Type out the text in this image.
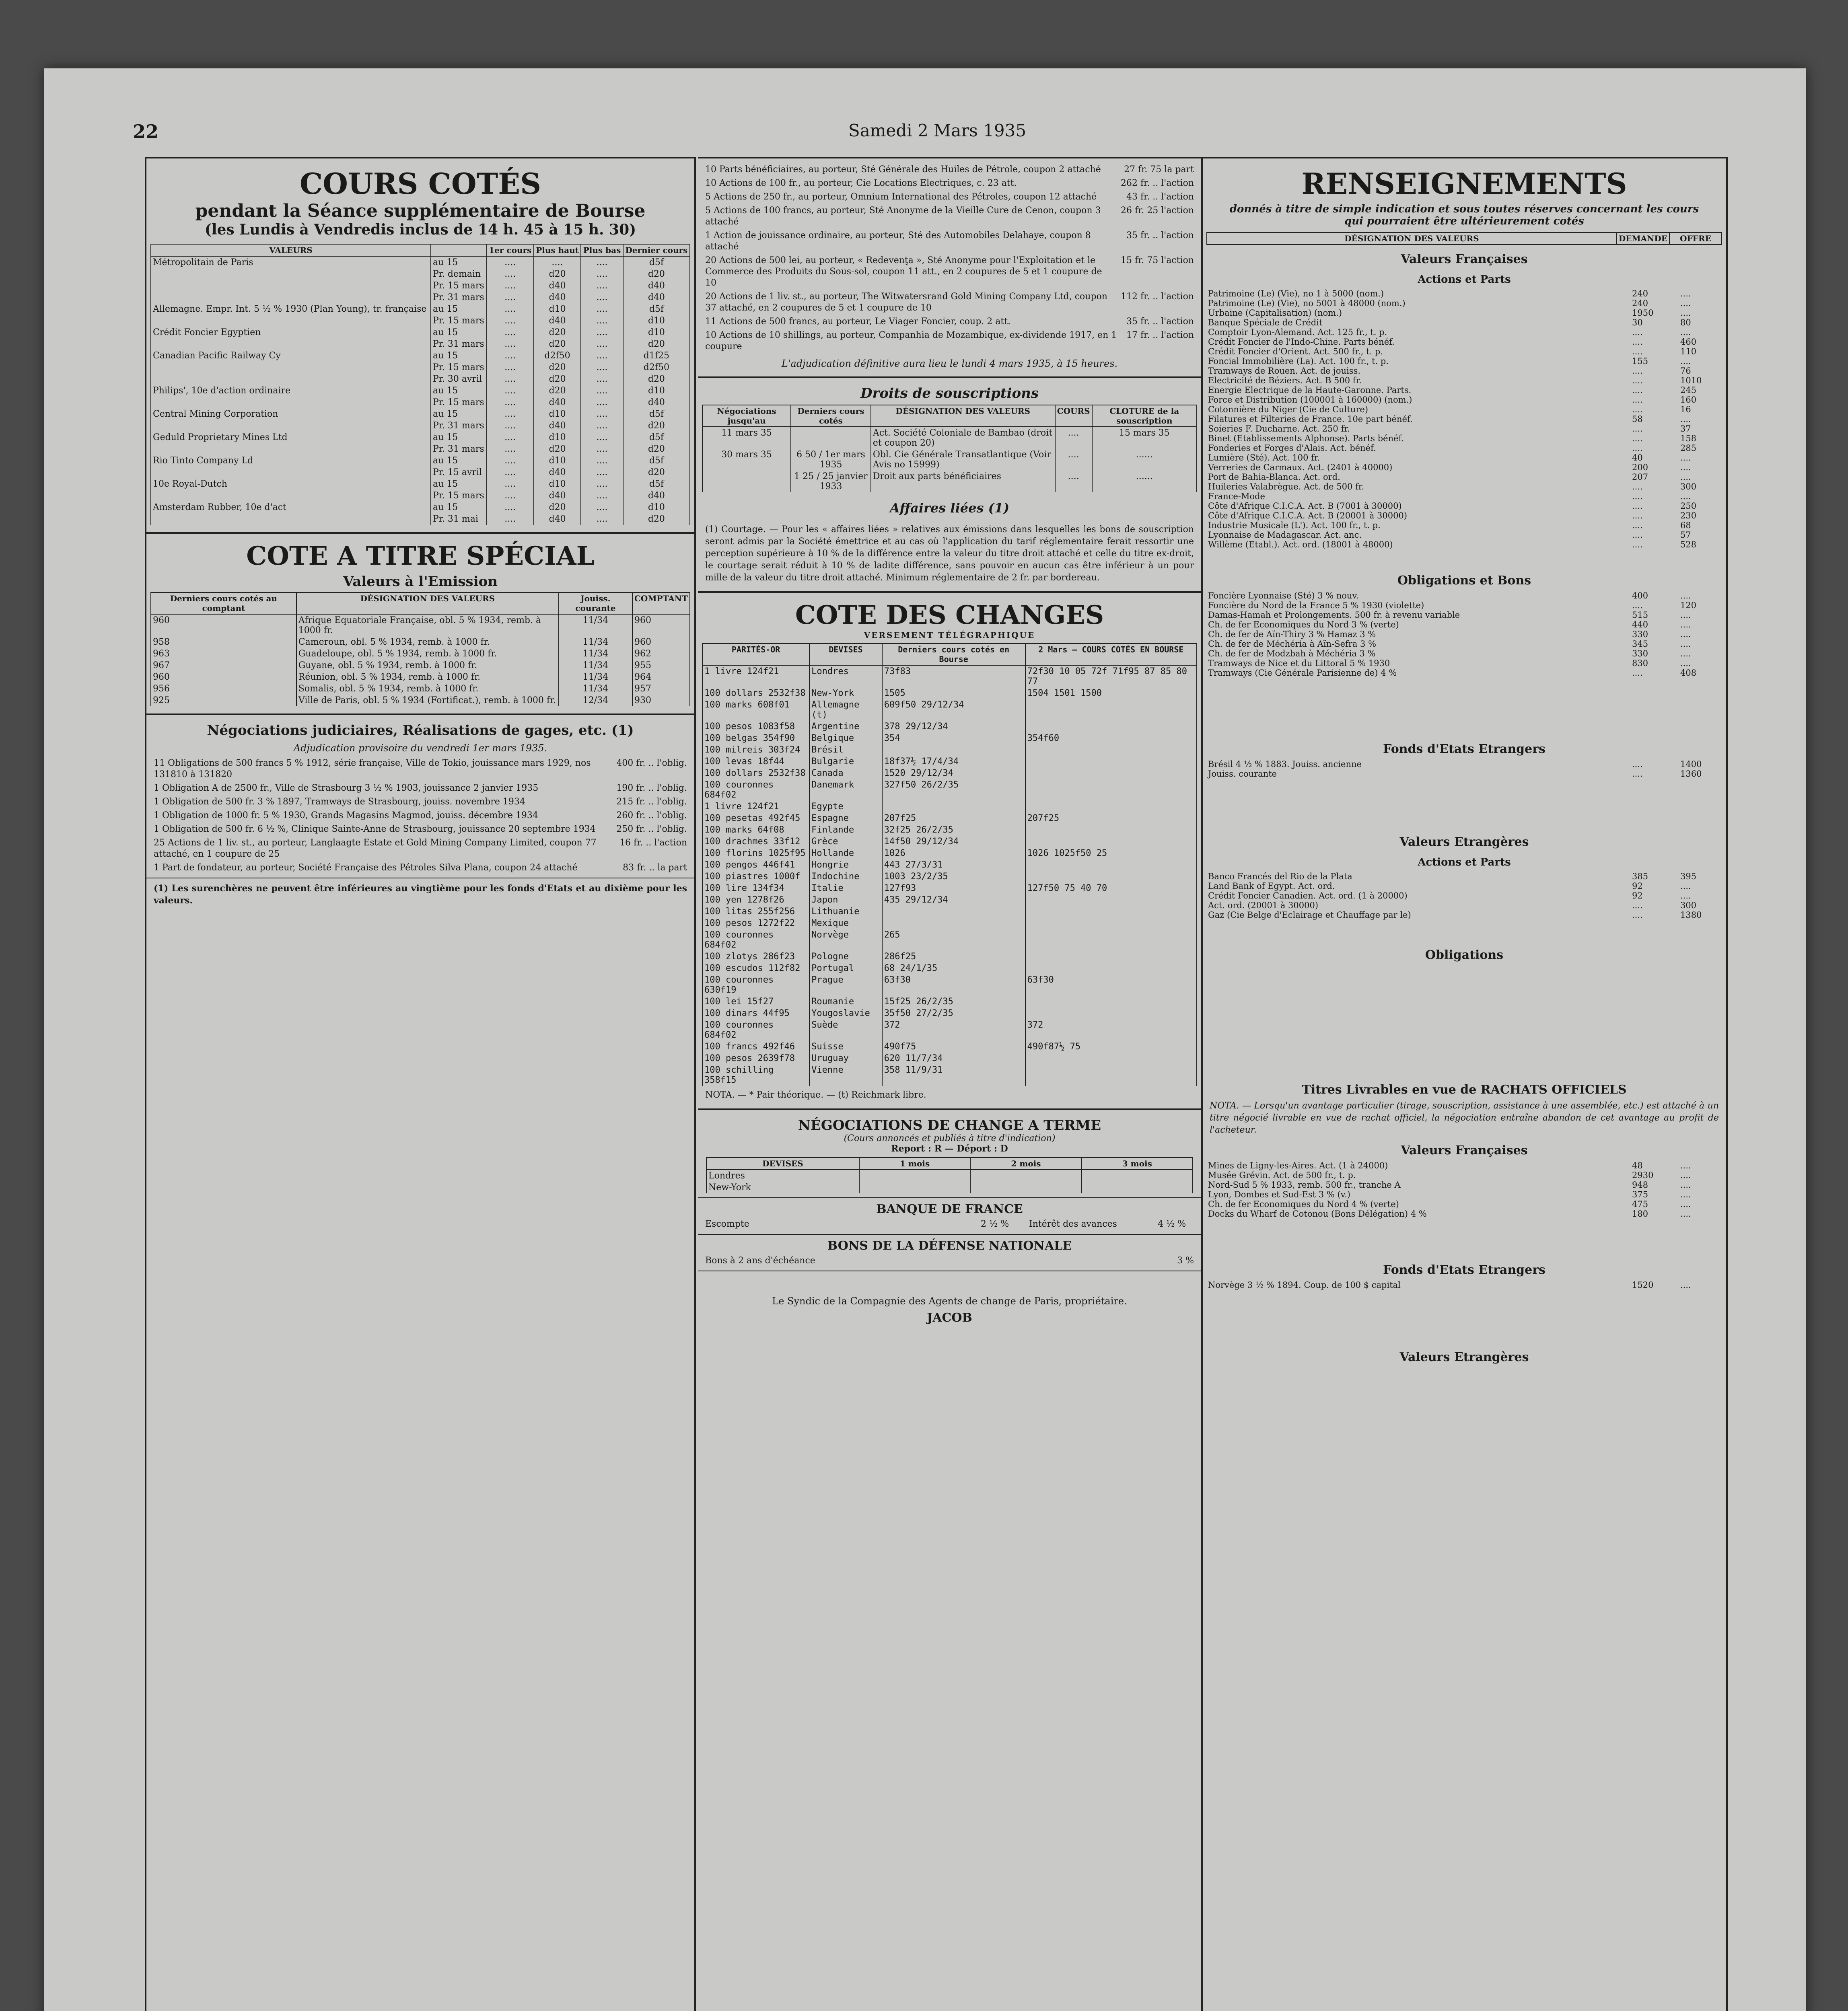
22	Samedi 2 Mars 1935
COURS COTÉS
pendant la Séance supplémentaire de Bourse
(les Lundis à Vendredis inclus de 14 h. 45 à 15 h. 30)
VALEURS		1er cours	Plus haut	Plus bas	Dernier cours
Métropolitain de Paris	au 15	....	....	....	d5f
	Pr. demain	....	d20	....	d20
	Pr. 15 mars	....	d40	....	d40
	Pr. 31 mars	....	d40	....	d40
Allemagne. Empr. Int. 5 ½ % 1930 (Plan Young), tr. française	au 15	....	d10	....	d5f
	Pr. 15 mars	....	d40	....	d10
Crédit Foncier Egyptien	au 15	....	d20	....	d10
	Pr. 31 mars	....	d20	....	d20
Canadian Pacific Railway Cy	au 15	....	d2f50	....	d1f25
	Pr. 15 mars	....	d20	....	d2f50
	Pr. 30 avril	....	d20	....	d20
Philips', 10e d'action ordinaire	au 15	....	d20	....	d10
	Pr. 15 mars	....	d40	....	d40
Central Mining Corporation	au 15	....	d10	....	d5f
	Pr. 31 mars	....	d40	....	d20
Geduld Proprietary Mines Ltd	au 15	....	d10	....	d5f
	Pr. 31 mars	....	d20	....	d20
Rio Tinto Company Ld	au 15	....	d10	....	d5f
	Pr. 15 avril	....	d40	....	d20
10e Royal-Dutch	au 15	....	d10	....	d5f
	Pr. 15 mars	....	d40	....	d40
Amsterdam Rubber, 10e d'act	au 15	....	d20	....	d10
	Pr. 31 mai	....	d40	....	d20
COTE A TITRE SPÉCIAL
Valeurs à l'Emission
Derniers cours cotés au comptant	DÉSIGNATION DES VALEURS	Jouiss. courante	COMPTANT
960	Afrique Equatoriale Française, obl. 5 % 1934, remb. à 1000 fr.	11/34	960
958	Cameroun, obl. 5 % 1934, remb. à 1000 fr.	11/34	960
963	Guadeloupe, obl. 5 % 1934, remb. à 1000 fr.	11/34	962
967	Guyane, obl. 5 % 1934, remb. à 1000 fr.	11/34	955
960	Réunion, obl. 5 % 1934, remb. à 1000 fr.	11/34	964
956	Somalis, obl. 5 % 1934, remb. à 1000 fr.	11/34	957
925	Ville de Paris, obl. 5 % 1934 (Fortificat.), remb. à 1000 fr.	12/34	930
Négociations judiciaires, Réalisations de gages, etc. (1)
Adjudication provisoire du vendredi 1er mars 1935.
11 Obligations de 500 francs 5 % 1912, série française, Ville de Tokio, jouissance mars 1929, nos 131810 à 131820
400 fr. .. l'oblig.
1 Obligation A de 2500 fr., Ville de Strasbourg 3 ½ % 1903, jouissance 2 janvier 1935	190 fr. .. l'oblig.
1 Obligation de 500 fr. 3 % 1897, Tramways de Strasbourg, jouiss. novembre 1934	215 fr. .. l'oblig.
1 Obligation de 1000 fr. 5 % 1930, Grands Magasins Magmod, jouiss. décembre 1934	260 fr. .. l'oblig.
1 Obligation de 500 fr. 6 ½ %, Clinique Sainte-Anne de Strasbourg, jouissance 20 septembre 1934	250 fr. .. l'oblig.
25 Actions de 1 liv. st., au porteur, Langlaagte Estate et Gold Mining Company Limited, coupon 77 attaché, en 1 coupure de 25
16 fr. .. l'action
1 Part de fondateur, au porteur, Société Française des Pétroles Silva Plana, coupon 24 attaché	83 fr. .. la part
(1) Les surenchères ne peuvent être inférieures au vingtième pour les fonds d'Etats et au dixième pour les valeurs.
10 Parts bénéficiaires, au porteur, Sté Générale des Huiles de Pétrole, coupon 2 attaché	27 fr. 75 la part
10 Actions de 100 fr., au porteur, Cie Locations Electriques, c. 23 att.	262 fr. .. l'action
5 Actions de 250 fr., au porteur, Omnium International des Pétroles, coupon 12 attaché	43 fr. .. l'action
5 Actions de 100 francs, au porteur, Sté Anonyme de la Vieille Cure de Cenon, coupon 3 attaché
26 fr. 25 l'action
1 Action de jouissance ordinaire, au porteur, Sté des Automobiles Delahaye, coupon 8 attaché
35 fr. .. l'action
20 Actions de 500 lei, au porteur, « Redevenţa », Sté Anonyme pour l'Exploitation et le Commerce des Produits du Sous-sol, coupon 11 att., en 2 coupures de 5 et 1 coupure de 10
15 fr. 75 l'action
20 Actions de 1 liv. st., au porteur, The Witwatersrand Gold Mining Company Ltd, coupon 37 attaché, en 2 coupures de 5 et 1 coupure de 10
112 fr. .. l'action
11 Actions de 500 francs, au porteur, Le Viager Foncier, coup. 2 att.	35 fr. .. l'action
10 Actions de 10 shillings, au porteur, Companhia de Mozambique, ex-dividende 1917, en 1 coupure
17 fr. .. l'action
L'adjudication définitive aura lieu le lundi 4 mars 1935, à 15 heures.
Droits de souscriptions
Négociations jusqu'au	Derniers cours cotés	DÉSIGNATION DES VALEURS	COURS	CLOTURE de la souscription
11 mars 35		Act. Société Coloniale de Bambao (droit et coupon 20)	....	15 mars 35
30 mars 35	6 50 / 1er mars 1935	Obl. Cie Générale Transatlantique (Voir Avis no 15999)	....	......
	1 25 / 25 janvier 1933	Droit aux parts bénéficiaires	....	......
Affaires liées (1)
(1) Courtage. — Pour les « affaires liées » relatives aux émissions dans lesquelles les bons de souscription seront admis par la Société émettrice et au cas où l'application du tarif réglementaire ferait ressortir une perception supérieure à 10 % de la différence entre la valeur du titre droit attaché et celle du titre ex-droit, le courtage serait réduit à 10 % de ladite différence, sans pouvoir en aucun cas être inférieur à un pour mille de la valeur du titre droit attaché. Minimum réglementaire de 2 fr. par bordereau.
COTE DES CHANGES
VERSEMENT TÉLÉGRAPHIQUE
PARITÉS-OR	DEVISES	Derniers cours cotés en Bourse	2 Mars — COURS COTÉS EN BOURSE
1 livre 124f21	Londres	73f83	72f30 10 05 72f 71f95 87 85 80 77
100 dollars 2532f38	New-York	1505	1504 1501 1500
100 marks 608f01	Allemagne (t)	609f50 29/12/34	
100 pesos 1083f58	Argentine	378 29/12/34	
100 belgas 354f90	Belgique	354	354f60
100 milreis 303f24	Brésil		
100 levas 18f44	Bulgarie	18f37½ 17/4/34	
100 dollars 2532f38	Canada	1520 29/12/34	
100 couronnes 684f02	Danemark	327f50 26/2/35	
1 livre 124f21	Egypte		
100 pesetas 492f45	Espagne	207f25	207f25
100 marks 64f08	Finlande	32f25 26/2/35	
100 drachmes 33f12	Grèce	14f50 29/12/34	
100 florins 1025f95	Hollande	1026	1026 1025f50 25
100 pengos 446f41	Hongrie	443 27/3/31	
100 piastres 1000f	Indochine	1003 23/2/35	
100 lire 134f34	Italie	127f93	127f50 75 40 70
100 yen 1278f26	Japon	435 29/12/34	
100 litas 255f256	Lithuanie		
100 pesos 1272f22	Mexique		
100 couronnes 684f02	Norvège	265	
100 zlotys 286f23	Pologne	286f25	
100 escudos 112f82	Portugal	68 24/1/35	
100 couronnes 630f19	Prague	63f30	63f30
100 lei 15f27	Roumanie	15f25 26/2/35	
100 dinars 44f95	Yougoslavie	35f50 27/2/35	
100 couronnes 684f02	Suède	372	372
100 francs 492f46	Suisse	490f75	490f87½ 75
100 pesos 2639f78	Uruguay	620 11/7/34	
100 schilling 358f15	Vienne	358 11/9/31	
NOTA. — * Pair théorique. — (t) Reichmark libre.
NÉGOCIATIONS DE CHANGE A TERME
(Cours annoncés et publiés à titre d'indication)
Report : R — Déport : D
DEVISES	1 mois	2 mois	3 mois
Londres			
New-York			
BANQUE DE FRANCE
Escompte	2 ½ %	Intérêt des avances	4 ½ %
BONS DE LA DÉFENSE NATIONALE
Bons à 2 ans d'échéance	3 %
Le Syndic de la Compagnie des Agents de change de Paris, propriétaire.
JACOB
RENSEIGNEMENTS
donnés à titre de simple indication et sous toutes réserves concernant les cours qui pourraient être ultérieurement cotés
DÉSIGNATION DES VALEURS	DEMANDE	OFFRE
Valeurs Françaises
Actions et Parts
Patrimoine (Le) (Vie), no 1 à 5000 (nom.)	240	....
Patrimoine (Le) (Vie), no 5001 à 48000 (nom.)	240	....
Urbaine (Capitalisation) (nom.)	1950	....
Banque Spéciale de Crédit	30	80
Comptoir Lyon-Alemand. Act. 125 fr., t. p.	....	....
Crédit Foncier de l'Indo-Chine. Parts bénéf.	....	460
Crédit Foncier d'Orient. Act. 500 fr., t. p.	....	110
Foncial Immobilière (La). Act. 100 fr., t. p.	155	....
Tramways de Rouen. Act. de jouiss.	....	76
Electricité de Béziers. Act. B 500 fr.	....	1010
Energie Electrique de la Haute-Garonne. Parts.	....	245
Force et Distribution (100001 à 160000) (nom.)	....	160
Cotonnière du Niger (Cie de Culture)	....	16
Filatures et Filteries de France. 10e part bénéf.	58	....
Soieries F. Ducharne. Act. 250 fr.	....	37
Binet (Etablissements Alphonse). Parts bénéf.	....	158
Fonderies et Forges d'Alais. Act. bénéf.	....	285
Lumière (Sté). Act. 100 fr.	40	....
Verreries de Carmaux. Act. (2401 à 40000)	200	....
Port de Bahia-Blanca. Act. ord.	207	....
Huileries Valabrègue. Act. de 500 fr.	....	300
France-Mode	....	....
Côte d'Afrique C.I.C.A. Act. B (7001 à 30000)	....	250
Côte d'Afrique C.I.C.A. Act. B (20001 à 30000)	....	230
Industrie Musicale (L'). Act. 100 fr., t. p.	....	68
Lyonnaise de Madagascar. Act. anc.	....	57
Willème (Etabl.). Act. ord. (18001 à 48000)	....	528
Obligations et Bons
Foncière Lyonnaise (Sté) 3 % nouv.	400	....
Foncière du Nord de la France 5 % 1930 (violette)	....	120
Damas-Hamah et Prolongements. 500 fr. à revenu variable	515	....
Ch. de fer Economiques du Nord 3 % (verte)	440	....
Ch. de fer de Aïn-Thiry 3 % Hamaz 3 %	330	....
Ch. de fer de Méchéria à Aïn-Sefra 3 %	345	....
Ch. de fer de Modzbah à Méchéria 3 %	330	....
Tramways de Nice et du Littoral 5 % 1930	830	....
Tramways (Cie Générale Parisienne de) 4 %	....	408
Fonds d'Etats Etrangers
Brésil 4 ½ % 1883. Jouiss. ancienne	....	1400
Jouiss. courante	....	1360
Valeurs Etrangères
Actions et Parts
Banco Francés del Rio de la Plata	385	395
Land Bank of Egypt. Act. ord.	92	....
Crédit Foncier Canadien. Act. ord. (1 à 20000)	92	....
Act. ord. (20001 à 30000)	....	300
Gaz (Cie Belge d'Eclairage et Chauffage par le)	....	1380
Obligations
Titres Livrables en vue de RACHATS OFFICIELS
NOTA. — Lorsqu'un avantage particulier (tirage, souscription, assistance à une assemblée, etc.) est attaché à un titre négocié livrable en vue de rachat officiel, la négociation entraîne abandon de cet avantage au profit de l'acheteur.
Valeurs Françaises
Mines de Ligny-les-Aires. Act. (1 à 24000)	48	....
Musée Grévin. Act. de 500 fr., t. p.	2930	....
Nord-Sud 5 % 1933, remb. 500 fr., tranche A	948	....
Lyon, Dombes et Sud-Est 3 % (v.)	375	....
Ch. de fer Economiques du Nord 4 % (verte)	475	....
Docks du Wharf de Cotonou (Bons Délégation) 4 %	180	....
Fonds d'Etats Etrangers
Norvège 3 ½ % 1894. Coup. de 100 $ capital	1520	....
Valeurs Etrangères
